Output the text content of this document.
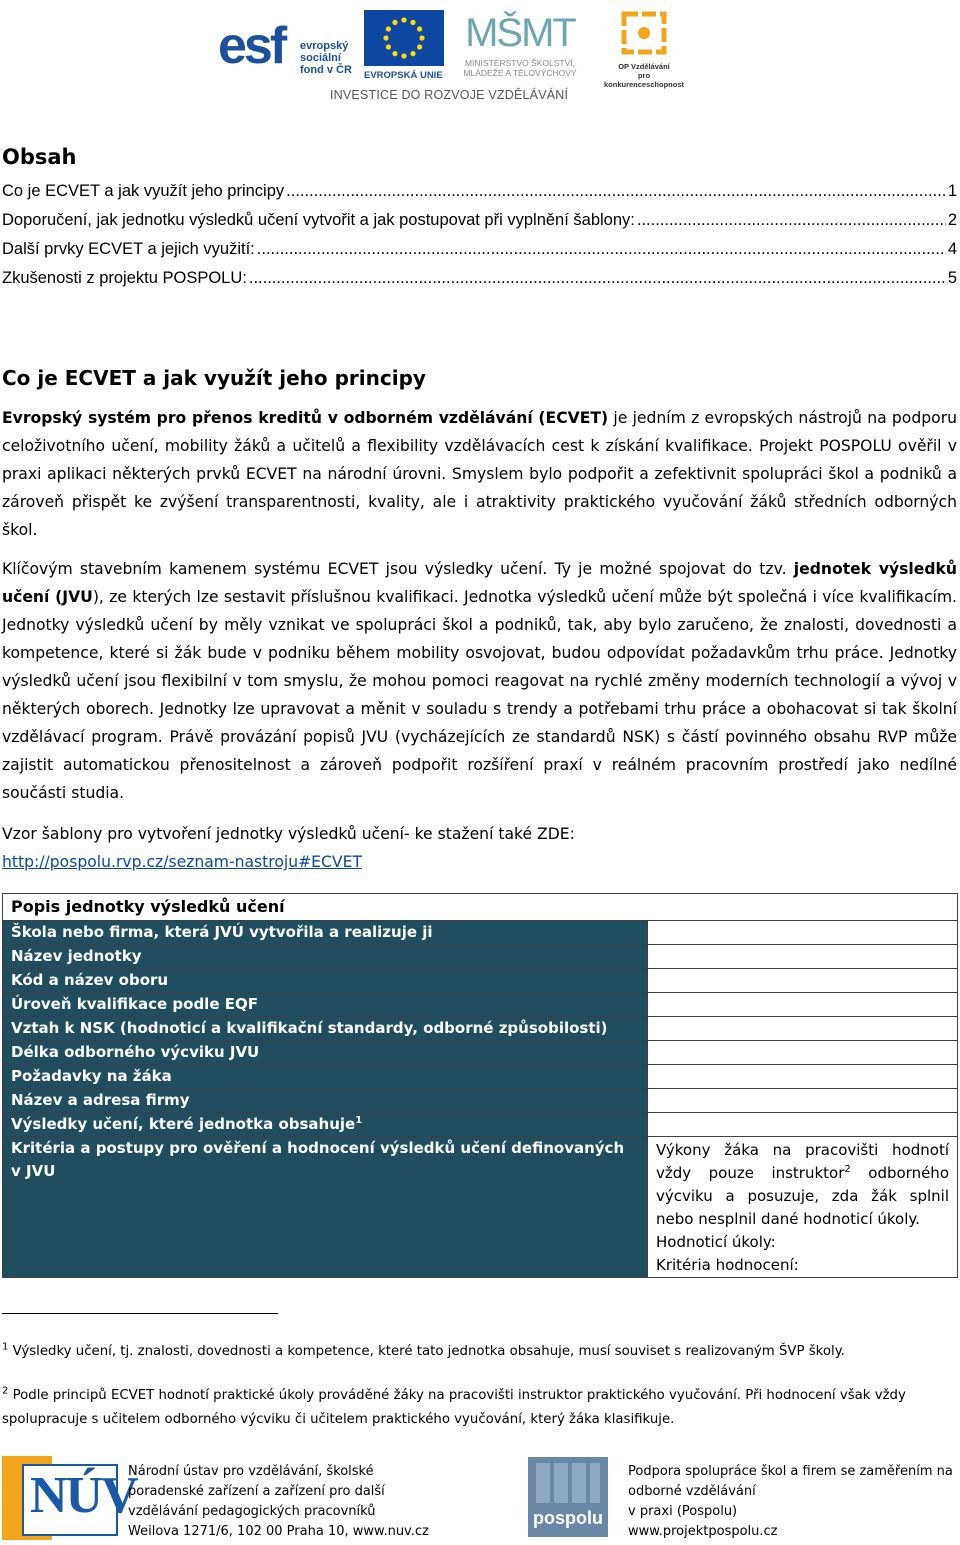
esf evropský
sociální
fond v ČR EVROPSKÁ UNIE
MŠMT
MINISTERSTVO ŠKOLSTVÍ,
MLÁDEŽE A TĚLOVÝCHOVY
OP Vzdělávání
pro konkurenceschopnost
INVESTICE DO ROZVOJE VZDĚLÁVÁNÍ
Obsah
Co je ECVET a jak využít jeho principy .....	1
Doporučení, jak jednotku výsledků učení vytvořit a jak postupovat při vyplnění šablony: .....	2
Další prvky ECVET a jejich využití: .....	4
Zkušenosti z projektu POSPOLU: .....	5
Co je ECVET a jak využít jeho principy
Evropský systém pro přenos kreditů v odborném vzdělávání (ECVET) je jedním z evropských nástrojů na podporu celoživotního učení, mobility žáků a učitelů a flexibility vzdělávacích cest k získání kvalifikace. Projekt POSPOLU ověřil v praxi aplikaci některých prvků ECVET na národní úrovni. Smyslem bylo podpořit a zefektivnit spolupráci škol a podniků a zároveň přispět ke zvýšení transparentnosti, kvality, ale i atraktivity praktického vyučování žáků středních odborných škol.
Klíčovým stavebním kamenem systému ECVET jsou výsledky učení. Ty je možné spojovat do tzv. jednotek výsledků učení (JVU), ze kterých lze sestavit příslušnou kvalifikaci. Jednotka výsledků učení může být společná i více kvalifikacím. Jednotky výsledků učení by měly vznikat ve spolupráci škol a podniků, tak, aby bylo zaručeno, že znalosti, dovednosti a kompetence, které si žák bude v podniku během mobility osvojovat, budou odpovídat požadavkům trhu práce. Jednotky výsledků učení jsou flexibilní v tom smyslu, že mohou pomoci reagovat na rychlé změny moderních technologií a vývoj v některých oborech. Jednotky lze upravovat a měnit v souladu s trendy a potřebami trhu práce a obohacovat si tak školní vzdělávací program. Právě provázání popisů JVU (vycházejících ze standardů NSK) s částí povinného obsahu RVP může zajistit automatickou přenositelnost a zároveň podpořit rozšíření praxí v reálném pracovním prostředí jako nedílné součásti studia.
Vzor šablony pro vytvoření jednotky výsledků učení- ke stažení také ZDE:
http://pospolu.rvp.cz/seznam-nastroju#ECVET
Popis jednotky výsledků učení	
Škola nebo firma, která JVÚ vytvořila a realizuje ji	
Název jednotky	
Kód a název oboru	
Úroveň kvalifikace podle EQF	
Vztah k NSK (hodnoticí a kvalifikační standardy, odborné způsobilosti)	
Délka odborného výcviku JVU	
Požadavky na žáka	
Název a adresa firmy	
Výsledky učení, které jednotka obsahuje$^1$	
Kritéria a postupy pro ověření a hodnocení výsledků učení definovaných v JVU	Výkony žáka na pracovišti hodnotí vždy pouze instruktor$^2$ odborného výcviku a posuzuje, zda žák splnil nebo nesplnil dané hodnoticí úkoly.
Hodnoticí úkoly:
Kritéria hodnocení:
$^1$ Výsledky učení, tj. znalosti, dovednosti a kompetence, které tato jednotka obsahuje, musí souviset s realizovaným ŠVP školy.
$^2$ Podle principů ECVET hodnotí praktické úkoly prováděné žáky na pracovišti instruktor praktického vyučování. Při hodnocení však vždy spolupracuje s učitelem odborného výcviku či učitelem praktického vyučování, který žáka klasifikuje.
NÚV
Národní ústav pro vzdělávání, školské
poradenské zařízení a zařízení pro další
vzdělávání pedagogických pracovníků
Weilova 1271/6, 102 00 Praha 10, www.nuv.cz
pospolu
Podpora spolupráce škol a firem se zaměřením na
odborné vzdělávání
v praxi (Pospolu)
www.projektpospolu.cz
